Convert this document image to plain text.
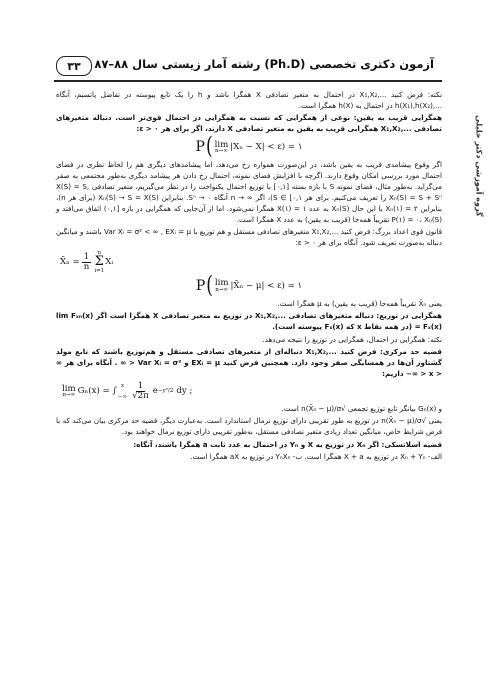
۳۳	آزمون دکتری تخصصی (Ph.D) رشته آمار زیستی سال ۸۸–۸۷
گروه آموزشی دکتر خلیلی

نکته: فرض کنید ...,X₁,X₂ در احتمال به متغیر تصادفی X همگرا باشد و h را یک تابع پیوسته در تفاضل پاتسیم، آنگاه ...,h(X₁),h(X₂) در احتمال به h(X) همگرا است.

همگرایی قریب به یقین: نوعی از همگرایی که نسبت به همگرایی در احتمال قوی‌تر است. دنباله متغیرهای تصادفی ...,X₁,X₂ همگرایی قریب به یقین به متغیر تصادفی X دارند، اگر برای هر ε > ۰:

P ( lim
n→∞ |Xₙ − X| < ε ) = ۱

اگر وقوع پیشامدی قریب به یقین باشد، در این‌صورت همواره رخ می‌دهد، اما پیشامدهای دیگری هم را لحاظ نظری در فضای احتمال مورد بررسی امکان وقوع دارند. اگرچه با افزایش فضای نمونه، احتمال رخ دادن هر پیشامد دیگری به‌طور مجتمعی به صفر می‌گراید. به‌طور مثال، فضای نمونه S با بازه بسته [۰,۱] با توزیع احتمال یکنواخت را در نظر می‌گیریم، متغیر تصادفی X(S) = S, Xₙ(S) = S + Sⁿ را تعریف می‌کنیم. برای هر S ∈ [۰,۱)، اگر ∞ → n آنگاه ۰ → Sⁿ. بنابراین Xₙ(S) → S = X(S) (برای هر n)، بنابراین Xₙ(۱) = ۲ با این حال Xₙ(S) به عدد ۱ = X(۱) همگرا نمی‌شود. اما از آن‌جایی که همگرایی در بازه [۰,۱) اتفاق می‌افتد و P(۱) = ۰، Xₙ(S) تقریباً همه‌جا (قریب به یقین) به عدد X همگرا است.

قانون قوی اعداد بزرگ: فرض کنید ...,X₁,X₂ متغیرهای تصادفی مستقل و هم توزیع با Var Xᵢ = σ² < ∞ , EXᵢ = μ باشند و میانگین دنباله به‌صورت تعریف شود. آنگاه برای هر ε > ۰:

X̄ₙ = $\frac{1}{n}$ n
Σ
i=1
Xᵢ
P ( lim
n→∞ |X̄ₙ − μ| < ε ) = ۱

یعنی X̄ₙ تقریباً همه‌جا (قریب به یقین) به μ همگرا است.

همگرایی در توزیع: دنباله متغیرهای تصادفی ...,X₁,X₂ در توزیع به متغیر تصادفی X همگرا است اگر lim Fₓₙ(x) = Fₓ(x) (در همه نقاط x که Fₓ(x) پیوسته است).

نکته: همگرایی در احتمال، همگرایی در توزیع را نتیجه می‌دهد.

قضیه حد مرکزی: فرض کنید ...,X₁,X₂ دنباله‌ای از متغیرهای تصادفی مستقل و هم‌توزیع باشند که تابع مولد گشتاور آن‌ها در همسایگی صفر وجود دارد. همچنین فرض کنید EXᵢ = μ و Var Xᵢ = σ² < ∞ . آنگاه برای هر ∞ < x < ∞− داریم:

lim
n→∞ Gₙ(x) = ∫
x

−∞ $\frac{1}{√2\pi}$ e −y²/2 dy ;

و Gₙ(x) بیانگر تابع توزیع تجمعی √n(X̄ₙ − μ)/σ است.

یعنی √n(X̄ₙ − μ)/σ در توزیع به طور تقریبی دارای توزیع نرمال استاندارد است. به‌عبارت دیگر، قضیه حد مرکزی بیان می‌کند که با فرض شرایط خاص، میانگین تعداد زیادی متغیر تصادفی مستقل، به‌طور تقریبی دارای توزیع نرمال خواهند بود.

قضیه اسلاتسکی: اگر Xₙ در توزیع به X و Yₙ در احتمال به عدد ثابت a همگرا باشند، آنگاه:

الف- Xₙ + Yₙ در توزیع به X + a همگرا است. ب- YₙXₙ در توزیع به aX همگرا است.
